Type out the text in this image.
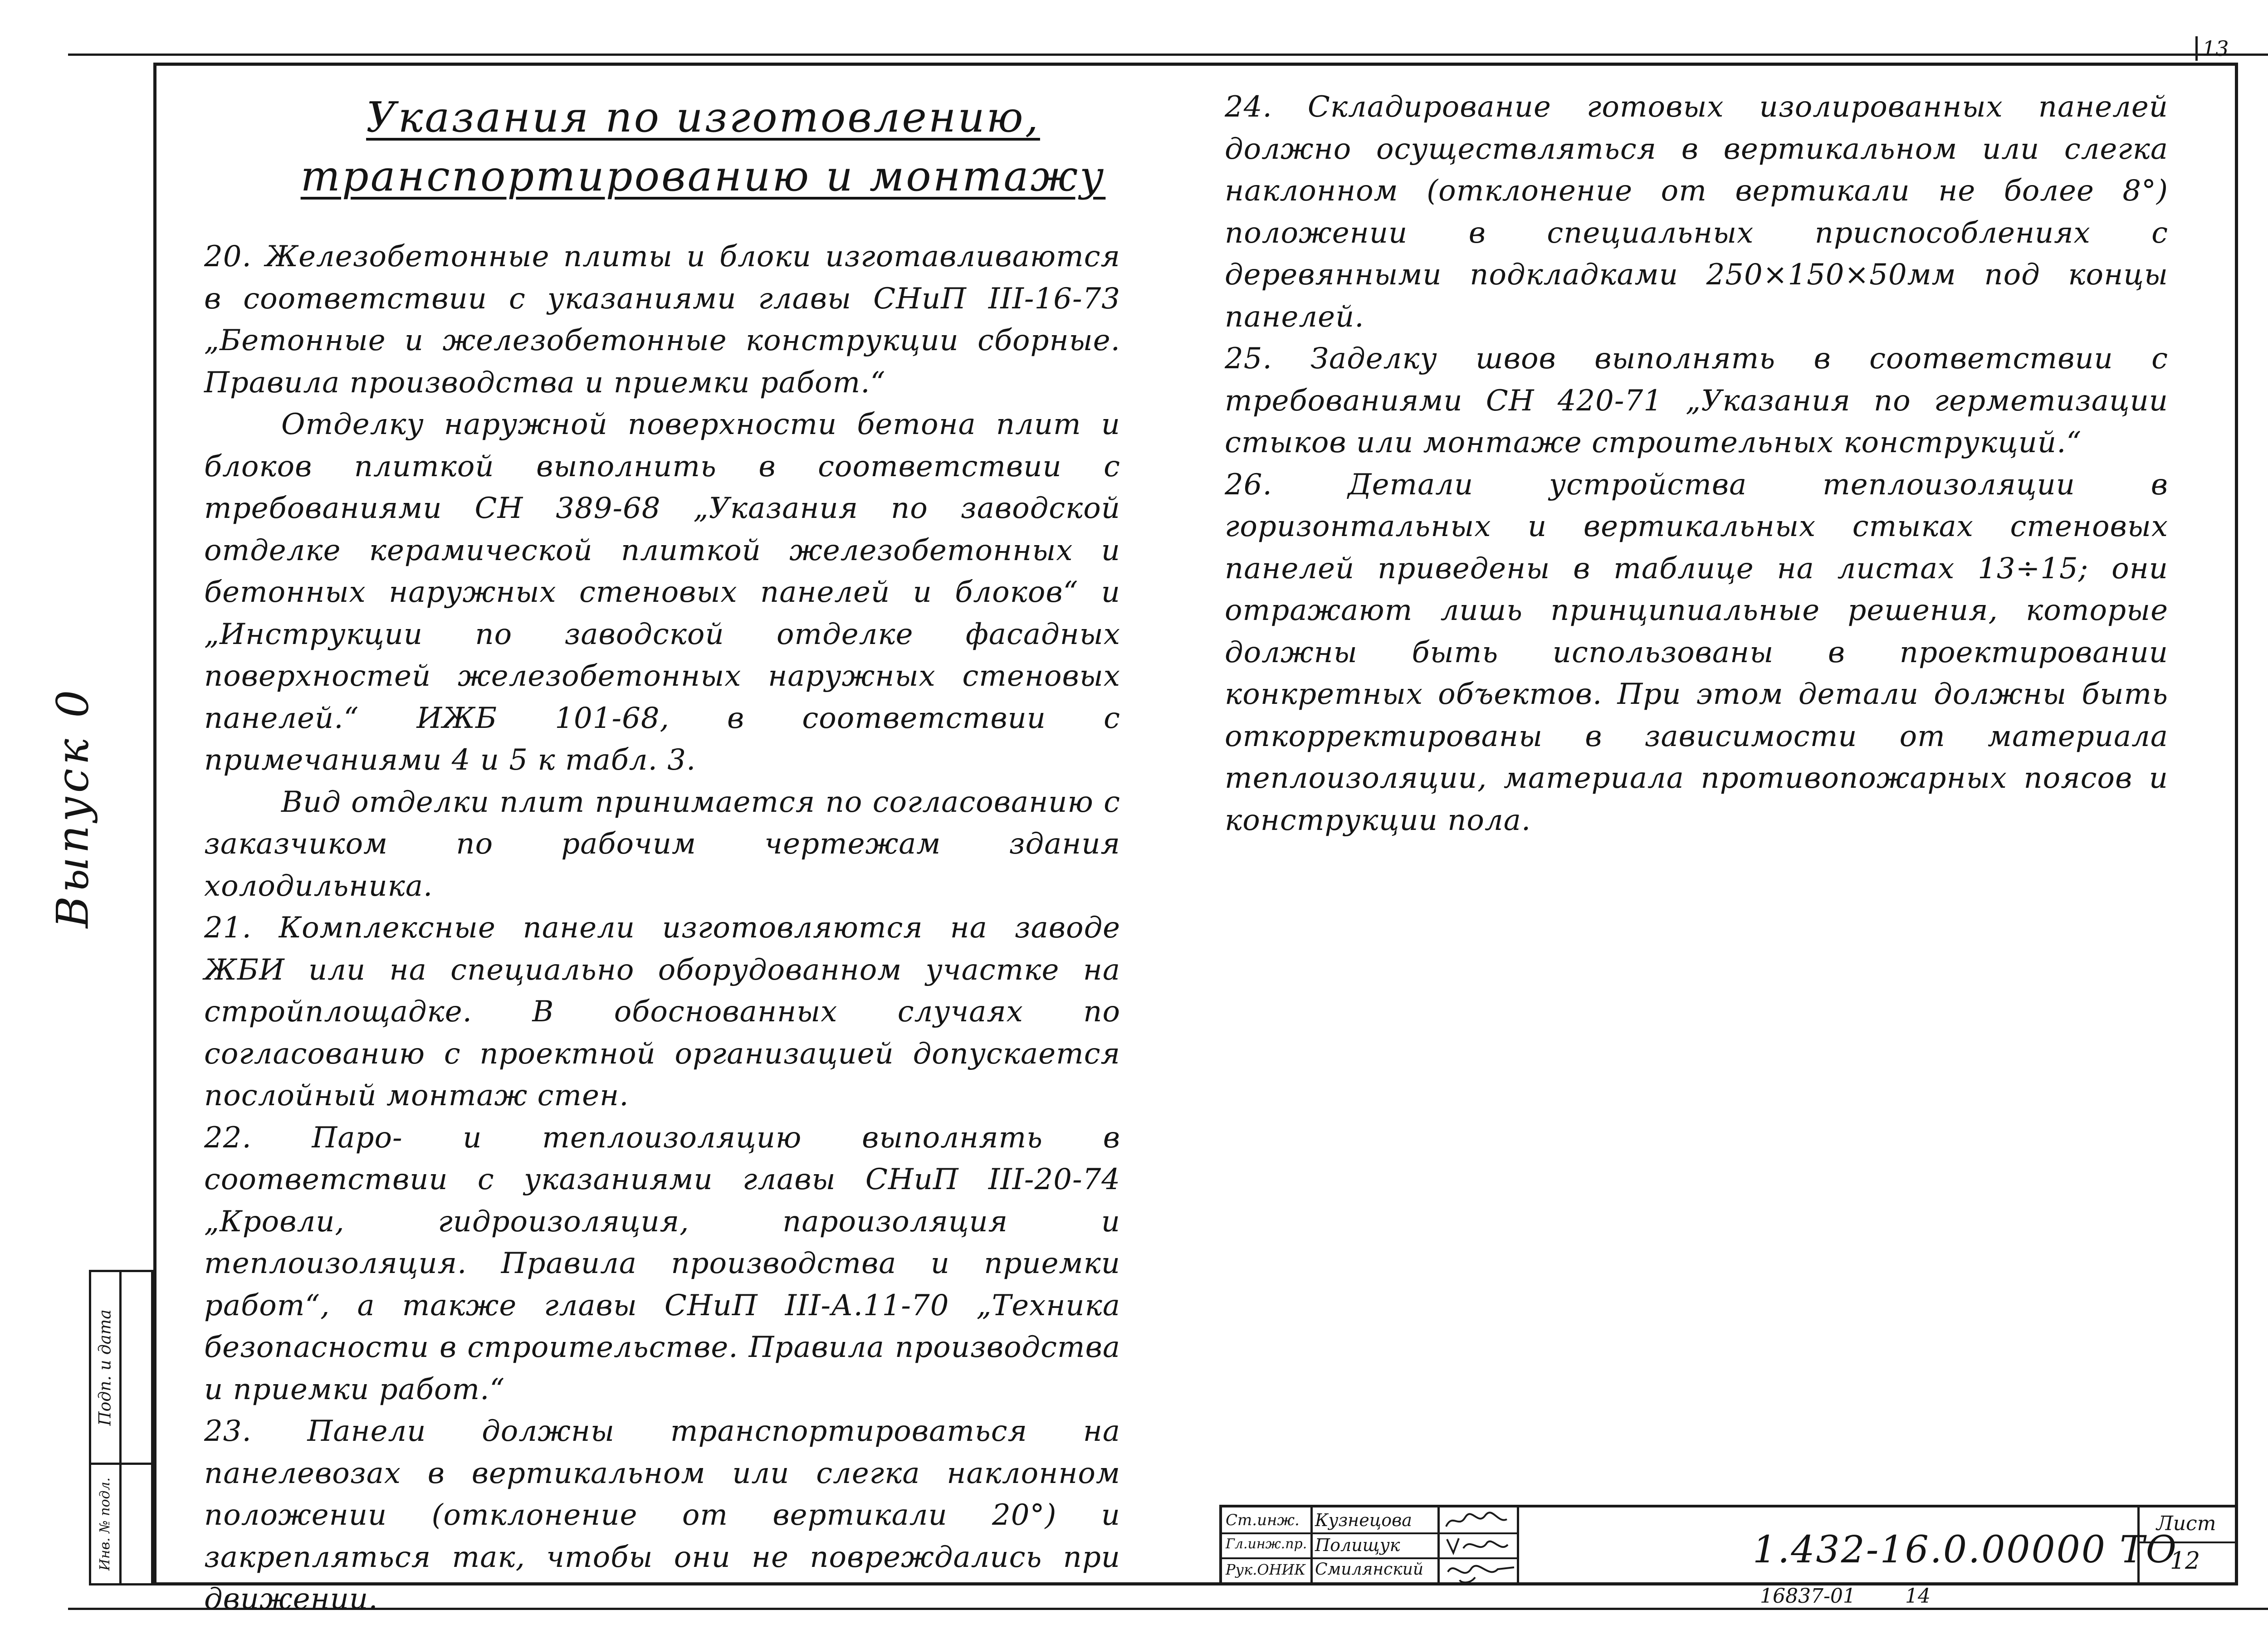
13
Выпуск 0
Подп. и дата
Инв. № подл.
Указания по изготовлению,
транспортированию и монтажу

20. Железобетонные плиты и блоки изготавливаются в соответствии с указаниями главы СНиП III-16-73 „Бетонные и железобетонные конструкции сборные. Правила производства и приемки работ.“

Отделку наружной поверхности бетона плит и блоков плиткой выполнить в соответствии с требованиями СН 389-68 „Указания по заводской отделке керамической плиткой железобетонных и бетонных наружных стеновых панелей и блоков“ и „Инструкции по заводской отделке фасадных поверхностей железобетонных наружных стеновых панелей.“ ИЖБ 101-68, в соответствии с примечаниями 4 и 5 к табл. 3.

Вид отделки плит принимается по согласованию с заказчиком по рабочим чертежам здания холодильника.

21. Комплексные панели изготовляются на заводе ЖБИ или на специально оборудованном участке на стройплощадке. В обоснованных случаях по согласованию с проектной организацией допускается послойный монтаж стен.

22. Паро- и теплоизоляцию выполнять в соответствии с указаниями главы СНиП III-20-74 „Кровли, гидроизоляция, пароизоляция и теплоизоляция. Правила производства и приемки работ“, а также главы СНиП III-А.11-70 „Техника безопасности в строительстве. Правила производства и приемки работ.“

23. Панели должны транспортироваться на панелевозах в вертикальном или слегка наклонном положении (отклонение от вертикали 20°) и закрепляться так, чтобы они не повреждались при движении.

24. Складирование готовых изолированных панелей должно осуществляться в вертикальном или слегка наклонном (отклонение от вертикали не более 8°) положении в специальных приспособлениях с деревянными подкладками 250×150×50мм под концы панелей.

25. Заделку швов выполнять в соответствии с требованиями СН 420-71 „Указания по герметизации стыков или монтаже строительных конструкций.“

26. Детали устройства теплоизоляции в горизонтальных и вертикальных стыках стеновых панелей приведены в таблице на листах 13÷15; они отражают лишь принципиальные решения, которые должны быть использованы в проектировании конкретных объектов. При этом детали должны быть откорректированы в зависимости от материала теплоизоляции, материала противопожарных поясов и конструкции пола.

Ст.инж. Кузнецова
Гл.инж.пр. Полищук
Рук.ОНИК Смилянский	1.432-16.0.00000 ТО
Лист
12
16837-01 14
